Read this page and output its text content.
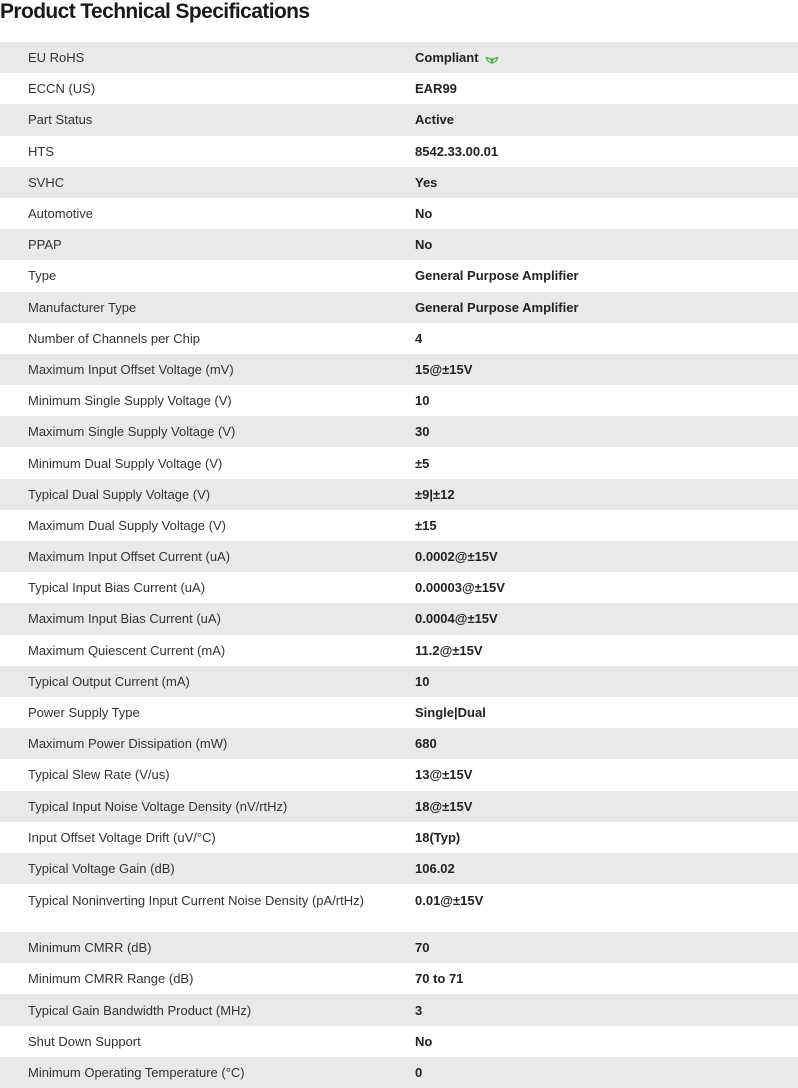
Product Technical Specifications
EU RoHS	Compliant
ECCN (US)	EAR99
Part Status	Active
HTS	8542.33.00.01
SVHC	Yes
Automotive	No
PPAP	No
Type	General Purpose Amplifier
Manufacturer Type	General Purpose Amplifier
Number of Channels per Chip	4
Maximum Input Offset Voltage (mV)	15@±15V
Minimum Single Supply Voltage (V)	10
Maximum Single Supply Voltage (V)	30
Minimum Dual Supply Voltage (V)	±5
Typical Dual Supply Voltage (V)	±9|±12
Maximum Dual Supply Voltage (V)	±15
Maximum Input Offset Current (uA)	0.0002@±15V
Typical Input Bias Current (uA)	0.00003@±15V
Maximum Input Bias Current (uA)	0.0004@±15V
Maximum Quiescent Current (mA)	11.2@±15V
Typical Output Current (mA)	10
Power Supply Type	Single|Dual
Maximum Power Dissipation (mW)	680
Typical Slew Rate (V/us)	13@±15V
Typical Input Noise Voltage Density (nV/rtHz)	18@±15V
Input Offset Voltage Drift (uV/°C)	18(Typ)
Typical Voltage Gain (dB)	106.02
Typical Noninverting Input Current Noise Density (pA/rtHz)	0.01@±15V
Minimum CMRR (dB)	70
Minimum CMRR Range (dB)	70 to 71
Typical Gain Bandwidth Product (MHz)	3
Shut Down Support	No
Minimum Operating Temperature (°C)	0
